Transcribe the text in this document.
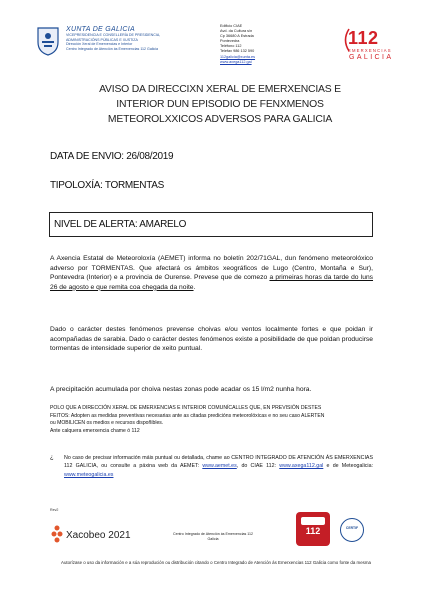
XUNTA DE GALICIA
VICEPRESIDENCIA E CONSELLERÍA DE PRESIDENCIA,
ADMINISTRACIÓNS PÚBLICAS E XUSTIZA
Dirección Xeral de Emerxencias e Interior
Centro Integrado de Atención ás Emerxencias 112 Galicia
Edificio CIAE
Avd. da Cultura s/n
Cp 36680 A Estrada
Pontevedra
Teléfono 112
Telefax 986 132 590
112galicia@xunta.es
www.axega112.gal
112
EMERXENCIAS
GALICIA
AVISO DA DIRECCIXN XERAL DE EMERXENCIAS E
INTERIOR DUN EPISODIO DE FENXMENOS
METEOROLXXICOS ADVERSOS PARA GALICIA
DATA DE ENVIO: 26/08/2019
TIPOLOXÍA: TORMENTAS
NIVEL DE ALERTA: AMARELO
A Axencia Estatal de Meteoroloxía (AEMET) informa no boletín 202/71GAL, dun fenómeno meteorolóxico adverso por TORMENTAS. Que afectará os ámbitos xeográficos de Lugo (Centro, Montaña e Sur), Pontevedra (Interior) e a provincia de Ourense. Prevese que de comezo a primeiras horas da tarde do luns 26 de agosto e que remita coa chegada da noite.
Dado o carácter destes fenómenos prevense choivas e/ou ventos localmente fortes e que poidan ir acompañadas de sarabia. Dado o carácter destes fenómenos existe a posibilidade de que poidan producirse tormentas de intensidade superior de xeito puntual.
A precipitación acumulada por choiva nestas zonas pode acadar os 15 l/m2 nunha hora.
POLO QUE A DIRECCIÓN XERAL DE EMERXENCIAS E INTERIOR COMUNÍCALLES QUE, EN PREVISIÓN DESTES
FEITOS: Adopten as medidas preventivas necesarias ante as citadas predicións meteorolóxicas e no seu caso ALERTEN
ou MOBILICEN os medios e recursos dispoñibles.
Ante calquera emerxencia chame ó 112
¿ No caso de precisar información máis puntual ou detallada, chame ao CENTRO INTEGRADO DE ATENCIÓN ÁS EMERXENCIAS 112 GALICIA, ou consulte a páxina web da AEMET: www.aemet.es, do CIAE 112: www.axega112.gal e de Meteogalicia: www.meteogalicia.es
Rev2
Xacobeo 2021	Centro Integrado de Atención ás Emerxencias 112 Galicia
112	CERTIF
Autorízase o uso da información e a súa reprodución ou distribución citando o Centro Integrado de Atención ás Emerxencias 112 Galicia como fonte da mesma
